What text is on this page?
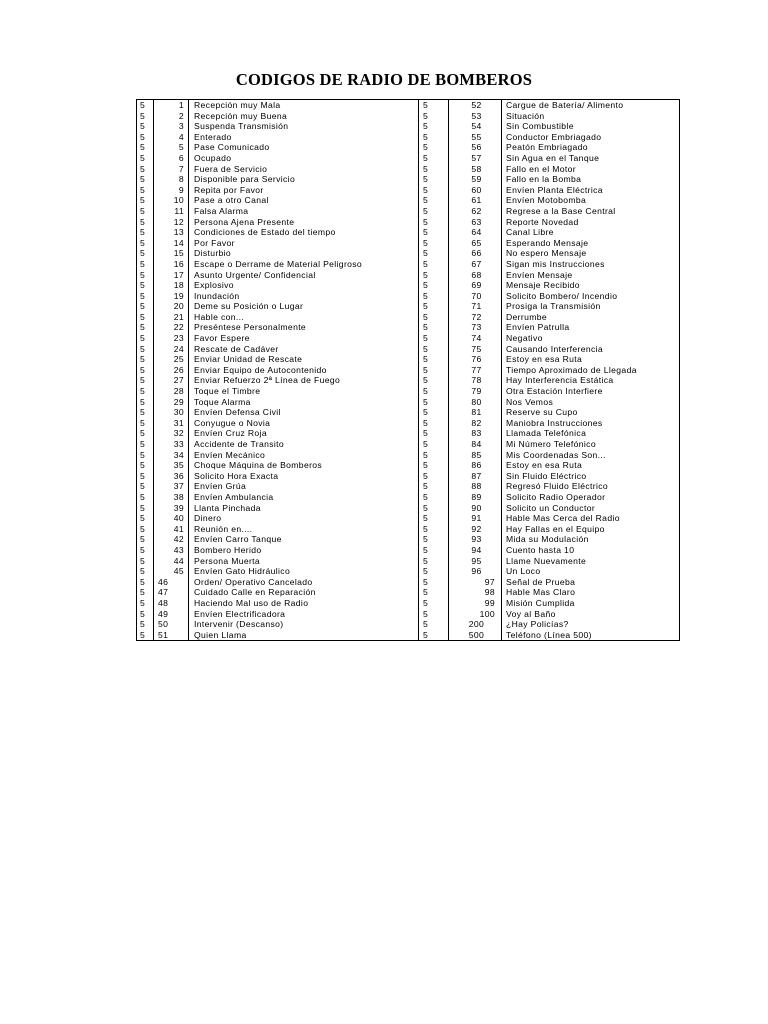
CODIGOS DE RADIO DE BOMBEROS
5	1	Recepción muy Mala	5	52	Cargue de Batería/ Alimento
5	2	Recepción muy Buena	5	53	Situación
5	3	Suspenda Transmisión	5	54	Sin Combustible
5	4	Enterado	5	55	Conductor Embriagado
5	5	Pase Comunicado	5	56	Peatón Embriagado
5	6	Ocupado	5	57	Sin Agua en el Tanque
5	7	Fuera de Servicio	5	58	Fallo en el Motor
5	8	Disponible para Servicio	5	59	Fallo en la Bomba
5	9	Repita por Favor	5	60	Envíen Planta Eléctrica
5	10	Pase a otro Canal	5	61	Envíen Motobomba
5	11	Falsa Alarma	5	62	Regrese a la Base Central
5	12	Persona Ajena Presente	5	63	Reporte Novedad
5	13	Condiciones de Estado del tiempo	5	64	Canal Libre
5	14	Por Favor	5	65	Esperando Mensaje
5	15	Disturbio	5	66	No espero Mensaje
5	16	Escape o Derrame de Material Peligroso	5	67	Sigan mis Instrucciones
5	17	Asunto Urgente/ Confidencial	5	68	Envíen Mensaje
5	18	Explosivo	5	69	Mensaje Recibido
5	19	Inundación	5	70	Solicito Bombero/ Incendio
5	20	Deme su Posición o Lugar	5	71	Prosiga la Transmisión
5	21	Hable con...	5	72	Derrumbe
5	22	Preséntese Personalmente	5	73	Envíen Patrulla
5	23	Favor Espere	5	74	Negativo
5	24	Rescate de Cadáver	5	75	Causando Interferencia
5	25	Enviar Unidad de Rescate	5	76	Estoy en esa Ruta
5	26	Enviar Equipo de Autocontenido	5	77	Tiempo Aproximado de Llegada
5	27	Enviar Refuerzo 2ª Línea de Fuego	5	78	Hay Interferencia Estática
5	28	Toque el Timbre	5	79	Otra Estación Interfiere
5	29	Toque Alarma	5	80	Nos Vemos
5	30	Envíen Defensa Civil	5	81	Reserve su Cupo
5	31	Conyugue o Novia	5	82	Maniobra Instrucciones
5	32	Envíen Cruz Roja	5	83	Llamada Telefónica
5	33	Accidente de Transito	5	84	Mi Número Telefónico
5	34	Envíen Mecánico	5	85	Mis Coordenadas Son...
5	35	Choque Máquina de Bomberos	5	86	Estoy en esa Ruta
5	36	Solicito Hora Exacta	5	87	Sin Fluido Eléctrico
5	37	Envíen Grúa	5	88	Regresó Fluido Eléctrico
5	38	Envíen Ambulancia	5	89	Solicito Radio Operador
5	39	Llanta Pinchada	5	90	Solicito un Conductor
5	40	Dinero	5	91	Hable Mas Cerca del Radio
5	41	Reunión en....	5	92	Hay Fallas en el Equipo
5	42	Envíen Carro Tanque	5	93	Mida su Modulación
5	43	Bombero Herido	5	94	Cuento hasta 10
5	44	Persona Muerta	5	95	Llame Nuevamente
5	45	Envíen Gato Hidráulico	5	96	Un Loco
5	46	Orden/ Operativo Cancelado	5	97	Señal de Prueba
5	47	Cuidado Calle en Reparación	5	98	Hable Mas Claro
5	48	Haciendo Mal uso de Radio	5	99	Misión Cumplida
5	49	Envíen Electrificadora	5	100	Voy al Baño
5	50	Intervenir (Descanso)	5	200	¿Hay Policías?
5	51	Quien Llama	5	500	Teléfono (Línea 500)
